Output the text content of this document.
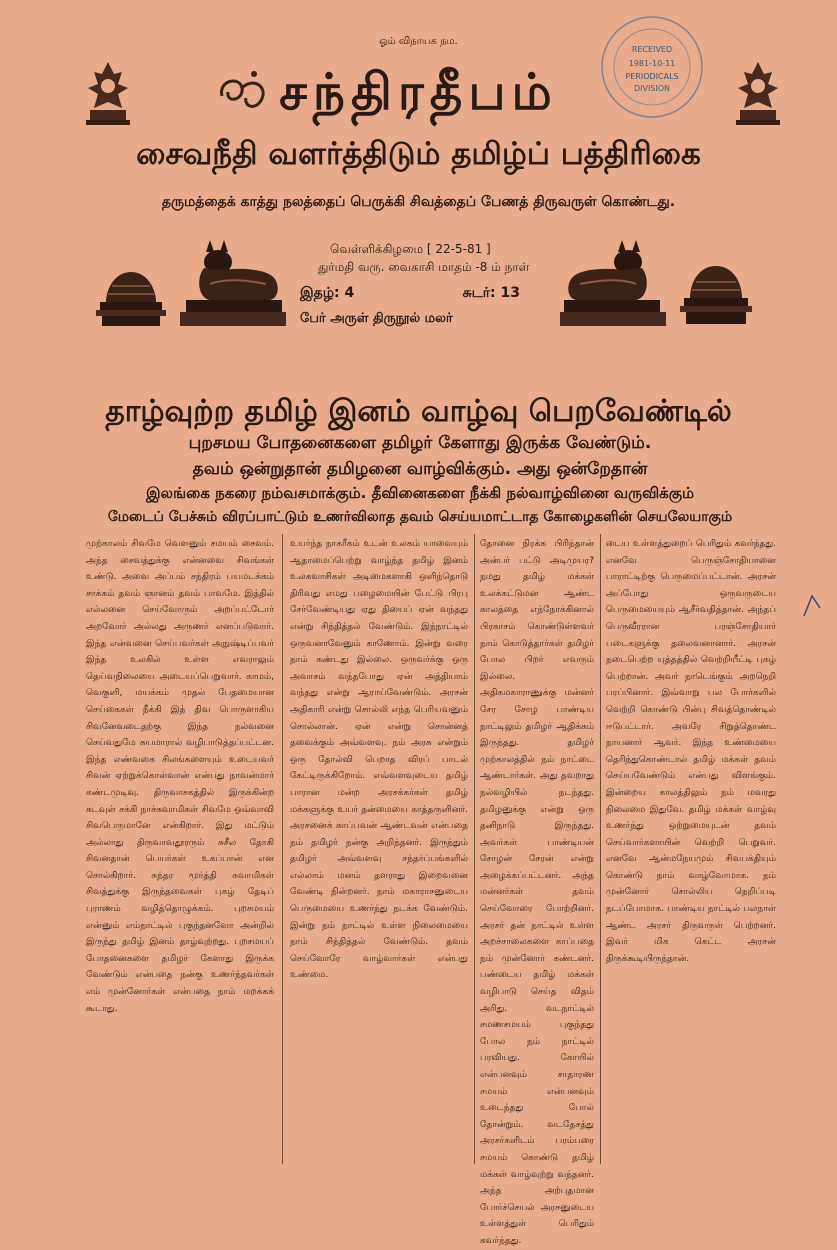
ஓம் விநாயக நம.
சந்திரதீபம்
RECEIVED
1981-10-11
PERIODICALS
DIVISION
சைவநீதி வளர்த்திடும் தமிழ்ப் பத்திரிகை
தருமத்தைக் காத்து நலத்தைப் பெருக்கி சிவத்தைப் பேணத் திருவருள் கொண்டது.
வெள்ளிக்கிழமை [ 22-5-81 ]
துர்மதி வரு. வைகாசி மாதம் -8 ம் நாள்
இதழ்: 4	சுடர்: 13
பேர் அருள் திருநூல் மலர்
தாழ்வுற்ற தமிழ் இனம் வாழ்வு பெறவேண்டில்
புறசமய போதனைகளை தமிழர் கேளாது இருக்க வேண்டும்.
தவம் ஒன்றுதான் தமிழனை வாழ்விக்கும். அது ஒன்றேதான்
இலங்கை நகரை நம்வசமாக்கும். தீவினைகளை நீக்கி நல்வாழ்வினை வருவிக்கும்
மேடைப் பேச்சும் விரப்பாட்டும் உணர்விலாத தவம் செய்யமாட்டாத கோழைகளின் செயலேயாகும்
முற்காலம் சிவமே வெளனும் சமயம் சைவம். அந்த சைவத்துக்கு என்னவை சிவங்கள் உண்டு. அவை அப்பம் சந்திரம் பயமடக்கம் சாக்கம் தவம் ஞானம் தவம் பாவமே. இத்தில் எல்லனை செய்வோரும் அறப்பட்டோர் அறவோர் அல்லது அருணர் எனப்படுவார். இந்த என்வனை செய்பவர்கள் அநுஷ்டிப்பவர் இந்த உலகில் உள்ள எவராலும் தெய்வநிலையை அடையப்பெறுவார். காமம், வெகுளி, மயக்கம் முதல் பேதமையான செய்கைகள் நீக்கி இத் திவ பொருளாகிய சிவனேவடைதற்கு இந்த நல்வனை செய்வதுமே சுயமாரால் வழிபாடுத்தப்பட்டன. இந்த எண்வகை சிலங்களையும் உடையவர் சிவன் ஏற்றுக்கொள்வான் என்பது நாவன்மார் கண்டமுடிவு. திருவாசகத்தில் இருக்கின்ற கடவுள் சக்கி நாச்சுவாமிகள் சிவமே ஒவ்வாவி சிவபெருமானே என்கிறார். இது மட்டும் அல்லாது திருவாவதூரரும் சுசீல தோகி சிவனதான் பெயர்கள் உகப்பான் என சொல்கிறார். சுந்தர மூர்த்தி சுவாமிகள் சிவத்துக்கு இருந்தவைகள் புகழ் தேடிப் புராணம் வழித்தொழுக்கம். புறசமயம் என்னும் எம்நாட்டில் புகுந்தனவோ அன்றில் இருந்து தமிழ் இனம் தாழ்வுற்றது. புறசமயப் போதனைகளை தமிழர் கேளாது இருக்க வேண்டும் என்பதை நன்கு உணர்ந்தவர்கள் எம் முன்னோர்கள் என்பதை நாம் மறக்கக் கூடாது.
உயர்ந்த நாகரீகம் உடன் உலகம் யாவையும் ஆதாமைப்பெற்று வாழ்ந்த தமிழ் இனம் உலகவாசிகள் அடிமைகளாகி ஒளிந்தொடு திரிவது எமது பழைமையின் பேட்டு பிரபு சேர்வேண்டியது ஏது தியைப் ஏன் வந்தது என்று சிந்தித்தல் வேண்டும். இந்நாட்டில் ஒருவனாவேனும் காணோம். இன்று வரை நாம் கண்டது இல்லை. ஒருவர்க்கு ஒரு அவாசம் வந்தபோது ஏன் அத்தியாம் வந்தது என்று ஆராய்வேண்டும். அரசன் அதிகாரி என்று சொல்லி எந்த பெரியவனும் சொல்லான். ஏன் என்று சொன்னத் தவைக்கும் அவ்வளவு. நம் அரசு என்றும் ஒரு தோல்வி பெறாத விரப் பாடல் கேட்டிருக்கிறோம். எவ்வளவுடைய தமிழ் பாரான மன்ற அரசக்கர்கள் தமிழ் மக்களுக்கு உயர் தன்மையை காத்தருளினர். அரசனைக் காப்பவன் ஆண்டவன் என்பதை நம் தமிழர் நன்கு அறிந்தனர். இருந்தும் தமிழர் அவ்வளவு சந்தர்ப்பங்களில் எல்லாம் மனம் தளராது இறைவனை வேண்டி நின்றனர். நாம் மகாராசனுடைய பெருமையை உணர்ந்து நடக்க வேண்டும். இன்று நம் நாட்டில் உள்ள நிலைமையை நாம் சிந்தித்தல் வேண்டும். தவம் செய்வோரே வாழ்வார்கள் என்பது உண்மை.
தோனை நிரக்க பிரிந்தான் அன்பர் பட்டு அடிமுயர? நமது தமிழ் மக்கள் உலக்கட்டுமன ஆண்ட காலத்தை எந்நோக்கினால் பிரகாசம் கொண்டுள்ளவர் நாம் கொடுத்தார்கள் தமிழர் போல பிறர் எவரும் இல்லை. அதிகமகாராணுக்கு மன்னர் சேர சோழ பாண்டிய நாட்டிலும் தமிழர் ஆதிக்கம் இருந்தது. தமிழர் முற்காலத்தில் நம் நாட்டை ஆண்டார்கள். அது தவறாது நல்வழியில் நடந்தது. தமிழனுக்கு என்று ஒரு தனிநாடு இருந்தது. அவர்கள் பாண்டியன் சோழன் சேரன் என்று அழைக்கப்பட்டனர். அந்த மன்னர்கள் தவம் செய்வோரை போற்றினர். அரசர் தன் நாட்டில் உள்ள அறச்சாலைகளை காப்பதை நம் முன்னோர் கண்டனர். பண்டைய தமிழ் மக்கள் வழிபாடு செய்த விதம் அரிது. வடநாட்டில் சமணசமயம் புகுந்தது போல நம் நாட்டில் பரவியது. கோயில் என்பனவும் சாதாரண சமயம் என்பனவும் உடைந்தது போல் தோன்றும். வடதேசத்து அரசர்களிடம் பரம்பரை சமயம் கொண்டு தமிழ் மக்கள் வாழ்வுற்று வந்தனர். அந்த அற்புதமான போர்ச்செயல் அரசனுடைய உள்ளத்துள் பெரிதும் கவர்ந்தது.
டைய உள்ளத்துறைப் பெரிதும் கவர்ந்தது. எனவே பெருஞ்சோதியானை பாராட்டிற்கு பெருமைப்பட்டான். அரசன் அப்போது ஒருவருடைய பெருமையையும் ஆசீர்வதித்தான். அந்தப் பெருவீரரான பரஞ்சோதியார் படைகளுக்கு தலைவனானார். அரசன் நடைபெற்ற யுத்தத்தில் வெற்றியீட்டி புகழ் பெற்றான். அவர் நாடெங்கும் அறநெறி பரப்பினார். இவ்வாறு பல போர்களில் வெற்றி கொண்டு பின்பு சிவத்தொண்டில் ஈடுபட்டார். அவரே சிறுத்தொண்ட நாயனார் ஆவர். இந்த உண்மையை தெரிந்துகொண்டால் தமிழ் மக்கள் தவம் செய்யவேண்டும் என்பது விளங்கும். இன்றைய காலத்திலும் நம் மவரது நிலைமை இதுவே. தமிழ் மக்கள் வாழ்வு உணர்ந்து ஒற்றுமையுடன் தவம் செய்வார்களாயின் வெற்றி பெறுவர். எனவே ஆன்மநேயமும் சிவபக்தியும் கொண்டு நாம் வாழ்வோமாக. நம் முன்னோர் சொல்லிய நெறிப்படி நடப்போமாக. பாண்டிய நாட்டில் பலநாள் ஆண்ட அரசர் திருவருள் பெற்றனர். இவர் மிக கெட்ட அரசன் திருக்கூடியிருந்தான்.
